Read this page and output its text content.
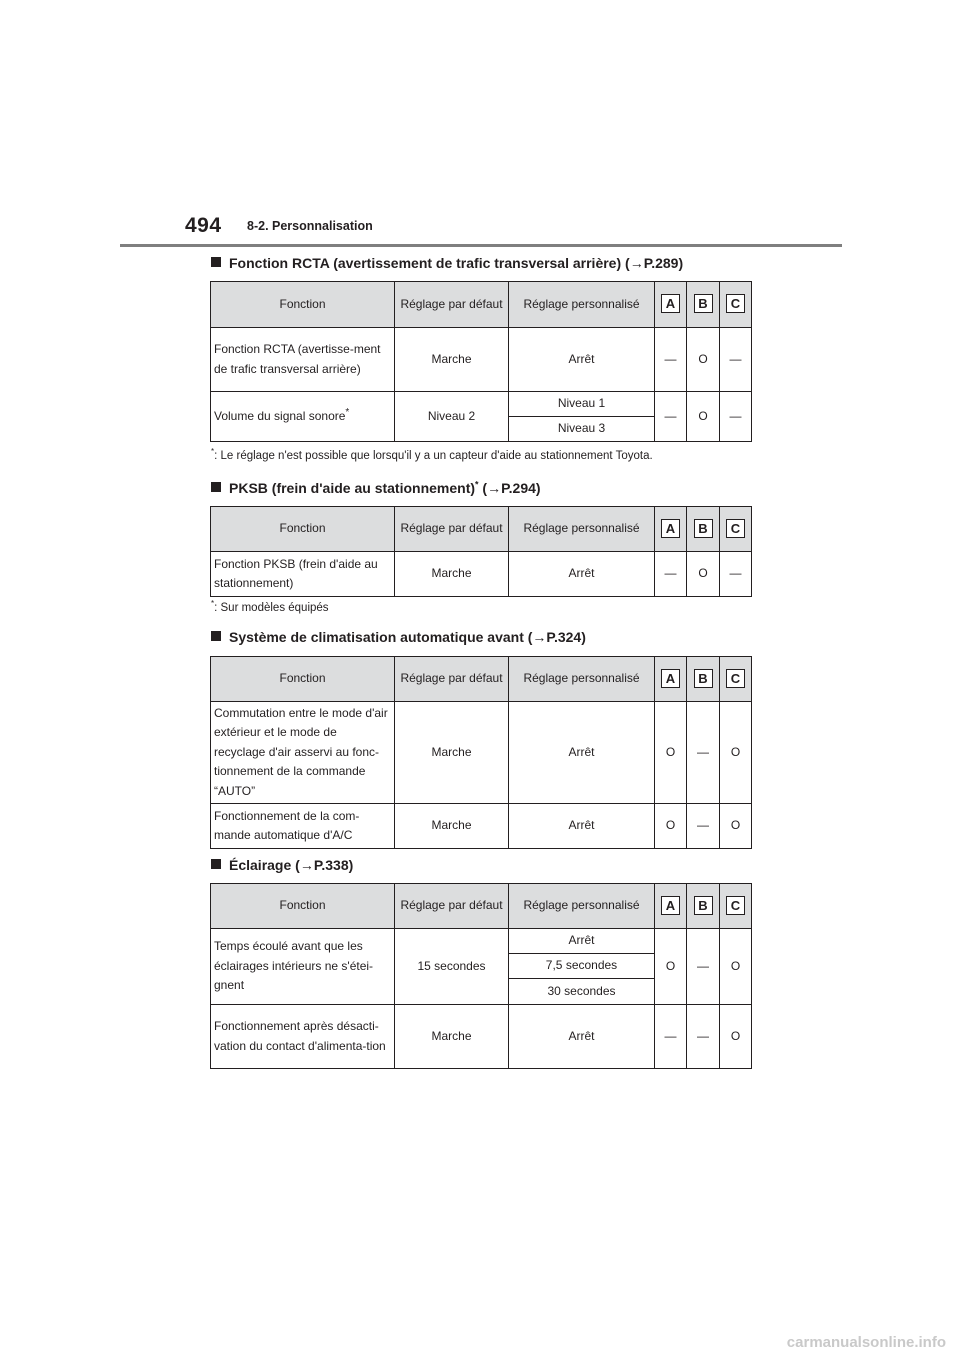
494 8-2. Personnalisation
Fonction RCTA (avertissement de trafic transversal arrière) (→P.289)
Fonction	Réglage par défaut	Réglage personnalisé	A	B	C
Fonction RCTA (avertisse-ment de trafic transversal arrière)	Marche	Arrêt	—	O	—
Volume du signal sonore*	Niveau 2	Niveau 1	—	O	—
		Niveau 3			
*: Le réglage n'est possible que lorsqu'il y a un capteur d'aide au stationnement Toyota.
PKSB (frein d'aide au stationnement)* (→P.294)
Fonction	Réglage par défaut	Réglage personnalisé	A	B	C
Fonction PKSB (frein d'aide au stationnement)	Marche	Arrêt	—	O	—
*: Sur modèles équipés
Système de climatisation automatique avant (→P.324)
Fonction	Réglage par défaut	Réglage personnalisé	A	B	C
Commutation entre le mode d'air extérieur et le mode de recyclage d'air asservi au fonc-tionnement de la commande “AUTO”	Marche	Arrêt	O	—	O
Fonctionnement de la com-mande automatique d'A/C	Marche	Arrêt	O	—	O
Éclairage (→P.338)
Fonction	Réglage par défaut	Réglage personnalisé	A	B	C
Temps écoulé avant que les éclairages intérieurs ne s'étei-gnent	15 secondes	Arrêt	O	—	O
		7,5 secondes			
		30 secondes			
Fonctionnement après désacti-vation du contact d'alimenta-tion	Marche	Arrêt	—	—	O
carmanualsonline.info
